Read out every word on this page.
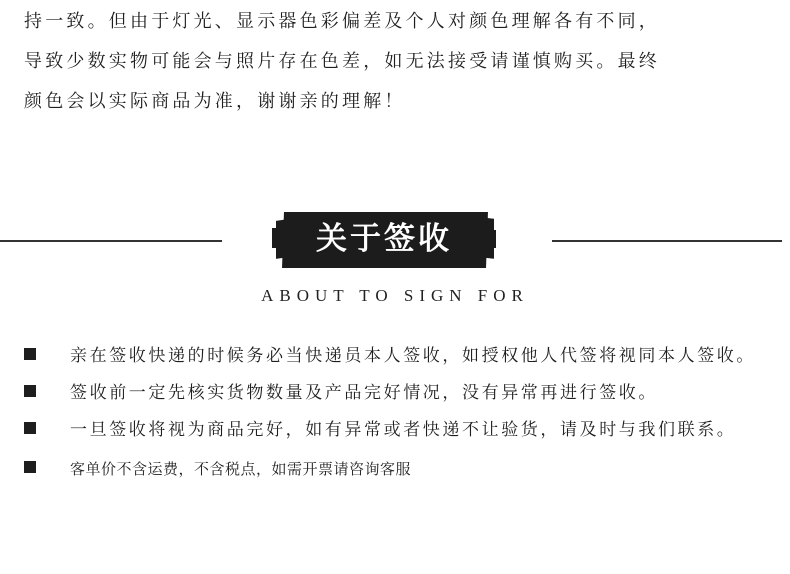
持一致。但由于灯光、显示器色彩偏差及个人对颜色理解各有不同，
导致少数实物可能会与照片存在色差，如无法接受请谨慎购买。最终
颜色会以实际商品为准，谢谢亲的理解！
关于签收
ABOUT TO SIGN FOR
亲在签收快递的时候务必当快递员本人签收，如授权他人代签将视同本人签收。
签收前一定先核实货物数量及产品完好情况，没有异常再进行签收。
一旦签收将视为商品完好，如有异常或者快递不让验货，请及时与我们联系。
客单价不含运费，不含税点，如需开票请咨询客服
